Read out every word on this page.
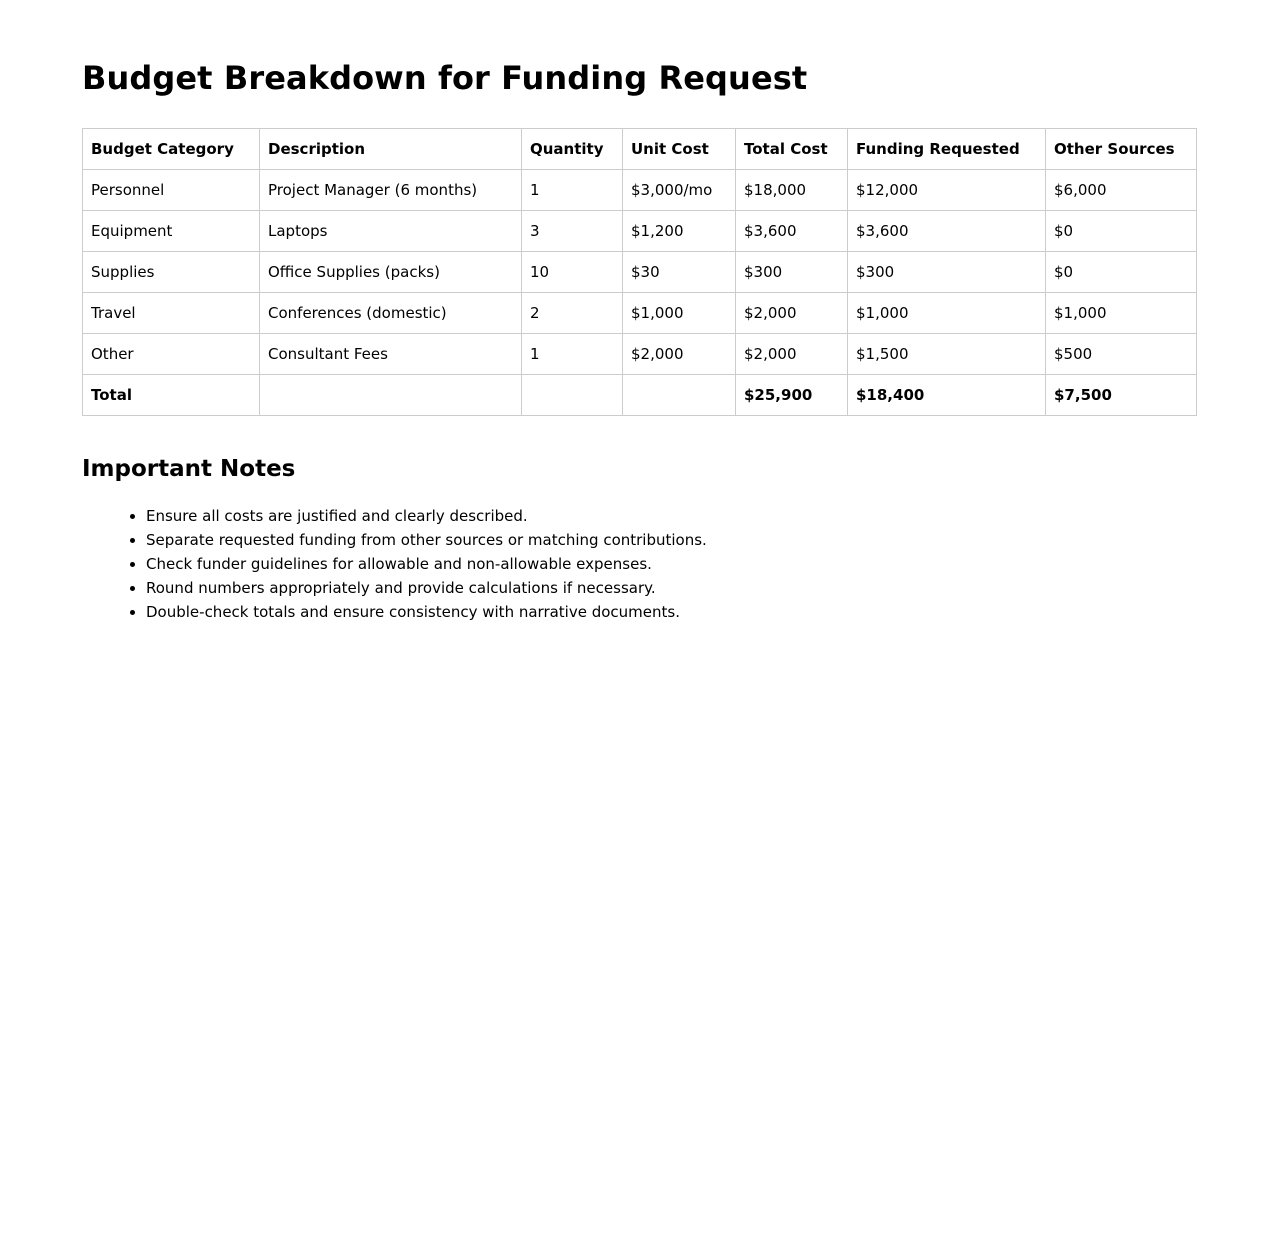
Budget Breakdown for Funding Request
Budget Category	Description	Quantity	Unit Cost	Total Cost	Funding Requested	Other Sources
Personnel	Project Manager (6 months)	1	$3,000/mo	$18,000	$12,000	$6,000
Equipment	Laptops	3	$1,200	$3,600	$3,600	$0
Supplies	Office Supplies (packs)	10	$30	$300	$300	$0
Travel	Conferences (domestic)	2	$1,000	$2,000	$1,000	$1,000
Other	Consultant Fees	1	$2,000	$2,000	$1,500	$500
Total				$25,900	$18,400	$7,500
Important Notes
• Ensure all costs are justified and clearly described.
• Separate requested funding from other sources or matching contributions.
• Check funder guidelines for allowable and non-allowable expenses.
• Round numbers appropriately and provide calculations if necessary.
• Double-check totals and ensure consistency with narrative documents.
